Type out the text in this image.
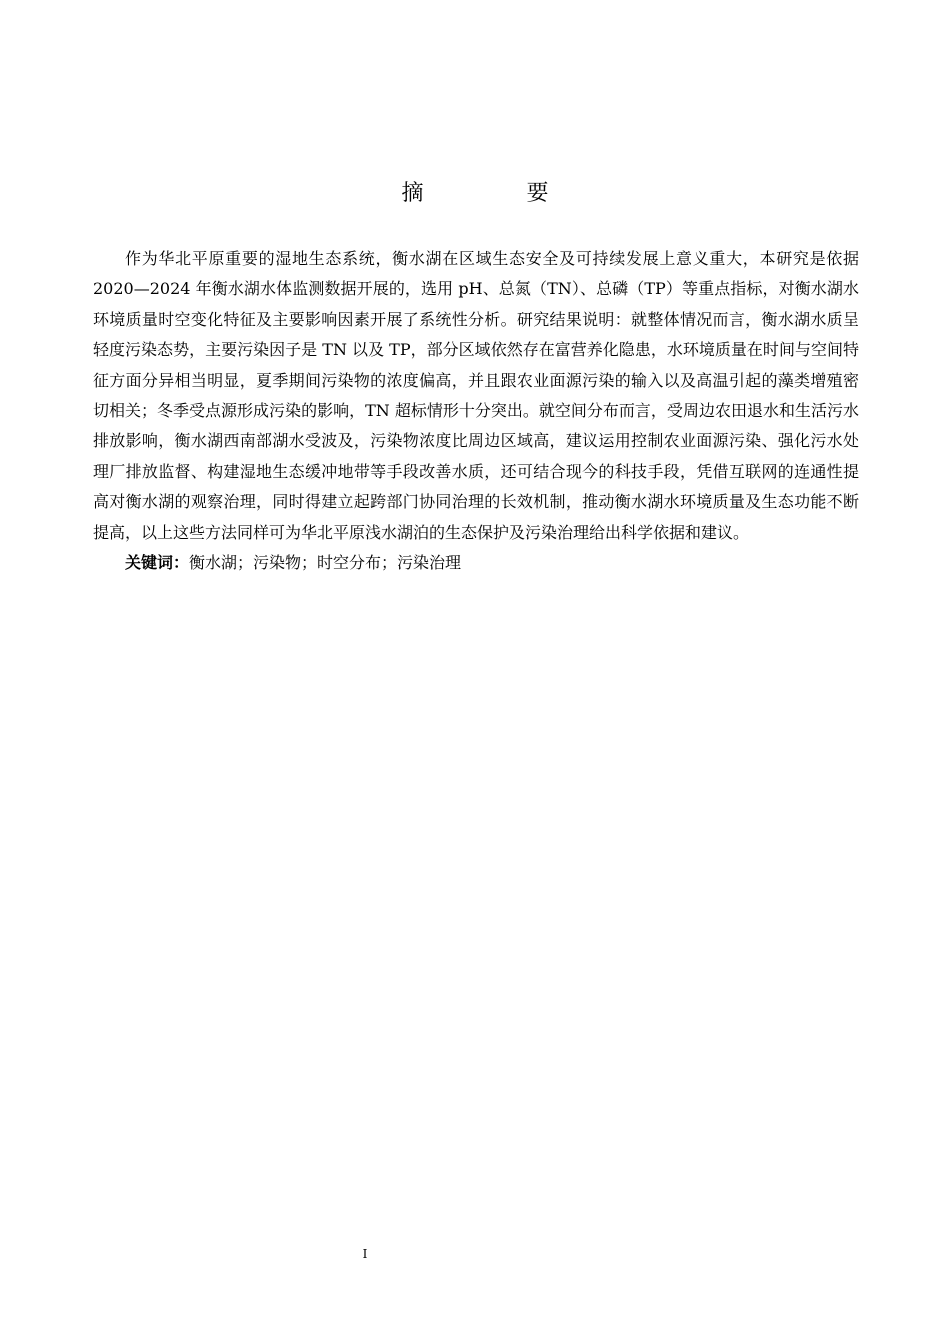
摘 要

作为华北平原重要的湿地生态系统，衡水湖在区域生态安全及可持续发展上意义重大，本研究是依据 2020—2024 年衡水湖水体监测数据开展的，选用 pH、总氮（TN）、总磷（TP）等重点指标，对衡水湖水环境质量时空变化特征及主要影响因素开展了系统性分析。研究结果说明：就整体情况而言，衡水湖水质呈轻度污染态势，主要污染因子是 TN 以及 TP，部分区域依然存在富营养化隐患，水环境质量在时间与空间特征方面分异相当明显，夏季期间污染物的浓度偏高，并且跟农业面源污染的输入以及高温引起的藻类增殖密切相关；冬季受点源形成污染的影响，TN 超标情形十分突出。就空间分布而言，受周边农田退水和生活污水排放影响，衡水湖西南部湖水受波及，污染物浓度比周边区域高，建议运用控制农业面源污染、强化污水处理厂排放监督、构建湿地生态缓冲地带等手段改善水质，还可结合现今的科技手段，凭借互联网的连通性提高对衡水湖的观察治理，同时得建立起跨部门协同治理的长效机制，推动衡水湖水环境质量及生态功能不断提高，以上这些方法同样可为华北平原浅水湖泊的生态保护及污染治理给出科学依据和建议。

关键词：衡水湖；污染物；时空分布；污染治理
I
